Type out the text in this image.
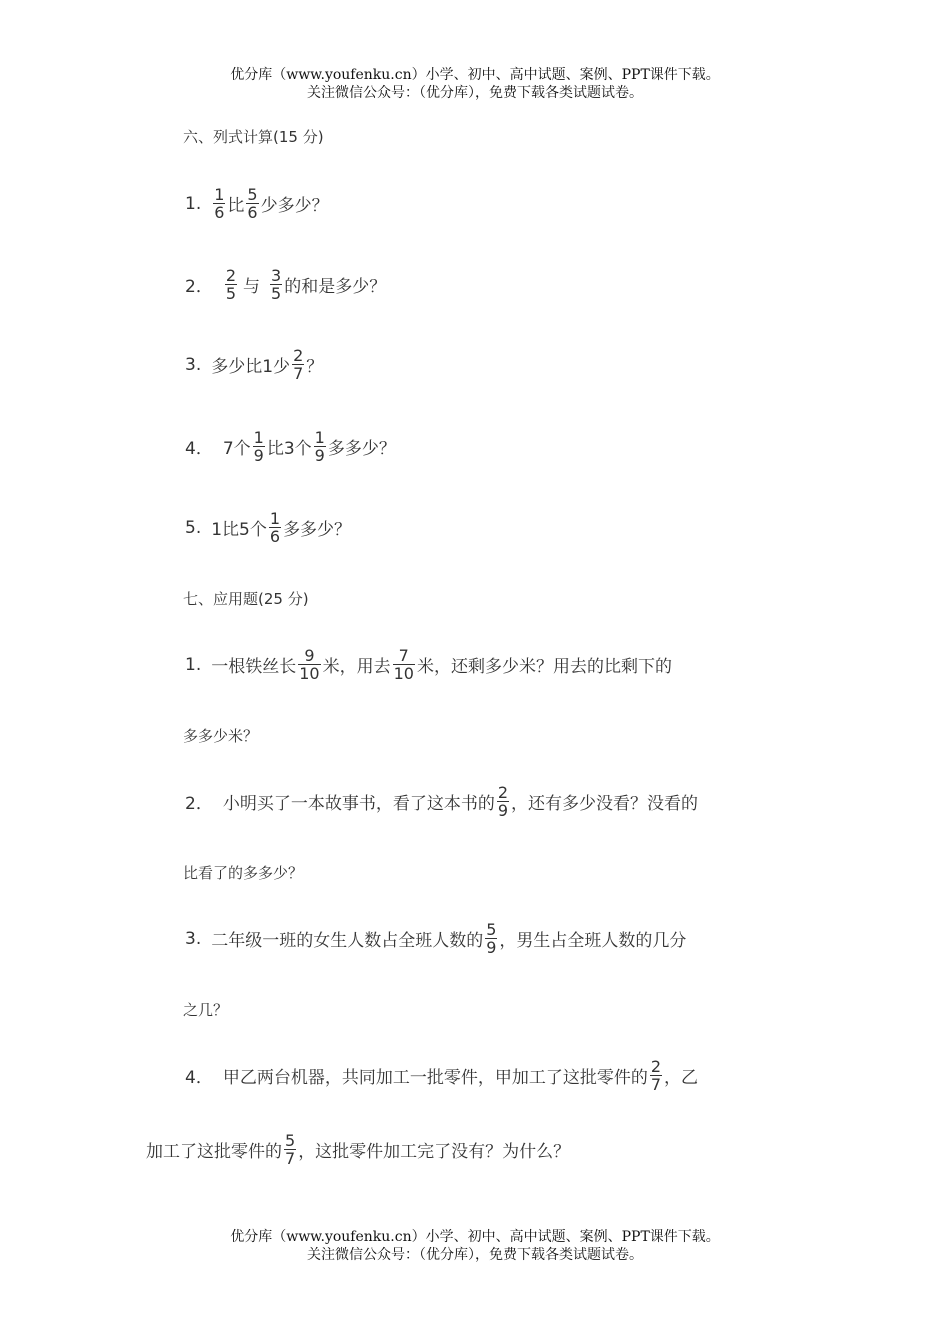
优分库（www.youfenku.cn）小学、初中、高中试题、案例、PPT课件下载。
关注微信公众号：（优分库），免费下载各类试题试卷。
六、列式计算(15 分)
1. $\frac{1}{6}$ 比 $\frac{5}{6}$ 少多少？
2． $\frac{2}{5}$ 与 $\frac{3}{5}$ 的和是多少？
3. 多少比1少 $\frac{2}{7}$ ？
4． 7个 $\frac{1}{9}$ 比3个 $\frac{1}{9}$ 多多少？
5. 1比5个 $\frac{1}{6}$ 多多少？
七、应用题(25 分)
1. 一根铁丝长 $\frac{9}{10}$ 米，用去 $\frac{7}{10}$ 米，还剩多少米？用去的比剩下的
多多少米？
2． 小明买了一本故事书，看了这本书的 $\frac{2}{9}$ ，还有多少没看？没看的
比看了的多多少？
3. 二年级一班的女生人数占全班人数的 $\frac{5}{9}$ ，男生占全班人数的几分
之几？
4． 甲乙两台机器，共同加工一批零件，甲加工了这批零件的 $\frac{2}{7}$ ，乙
加工了这批零件的 $\frac{5}{7}$ ，这批零件加工完了没有？为什么？
优分库（www.youfenku.cn）小学、初中、高中试题、案例、PPT课件下载。
关注微信公众号：（优分库），免费下载各类试题试卷。
